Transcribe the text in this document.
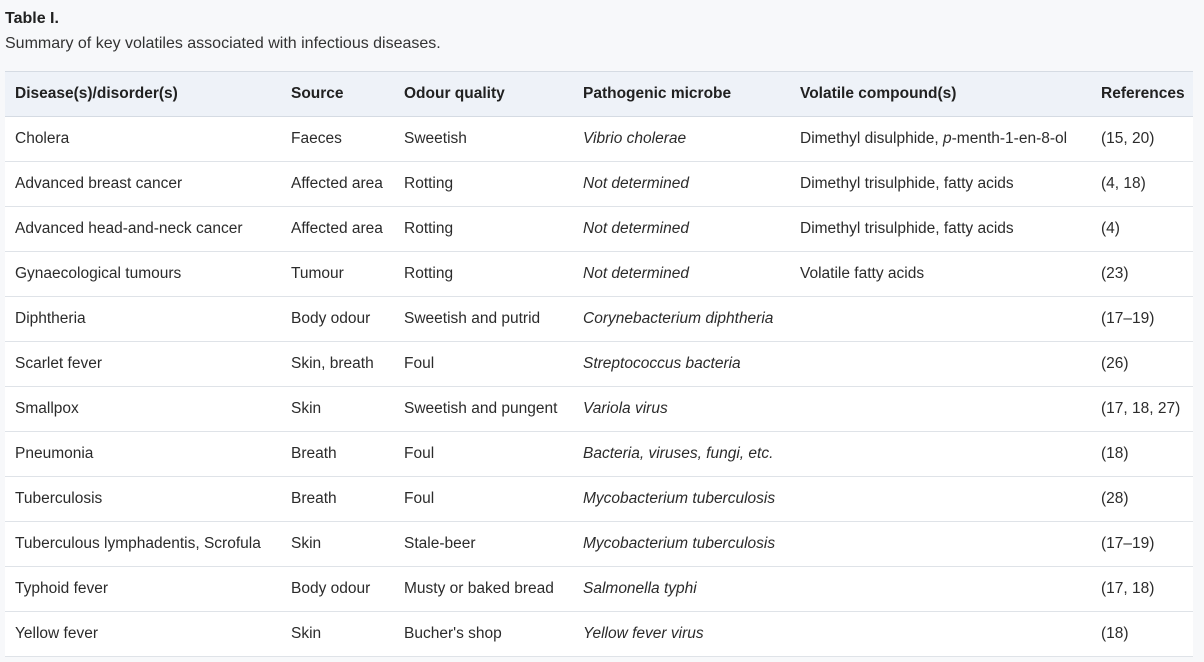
Table I.
Summary of key volatiles associated with infectious diseases.
Disease(s)/disorder(s)	Source	Odour quality	Pathogenic microbe	Volatile compound(s)	References
Cholera	Faeces	Sweetish	Vibrio cholerae	Dimethyl disulphide, p-menth-1-en-8-ol	(15, 20)
Advanced breast cancer	Affected area	Rotting	Not determined	Dimethyl trisulphide, fatty acids	(4, 18)
Advanced head-and-neck cancer	Affected area	Rotting	Not determined	Dimethyl trisulphide, fatty acids	(4)
Gynaecological tumours	Tumour	Rotting	Not determined	Volatile fatty acids	(23)
Diphtheria	Body odour	Sweetish and putrid	Corynebacterium diphtheria		(17–19)
Scarlet fever	Skin, breath	Foul	Streptococcus bacteria		(26)
Smallpox	Skin	Sweetish and pungent	Variola virus		(17, 18, 27)
Pneumonia	Breath	Foul	Bacteria, viruses, fungi, etc.		(18)
Tuberculosis	Breath	Foul	Mycobacterium tuberculosis		(28)
Tuberculous lymphadentis, Scrofula	Skin	Stale-beer	Mycobacterium tuberculosis		(17–19)
Typhoid fever	Body odour	Musty or baked bread	Salmonella typhi		(17, 18)
Yellow fever	Skin	Bucher's shop	Yellow fever virus		(18)
